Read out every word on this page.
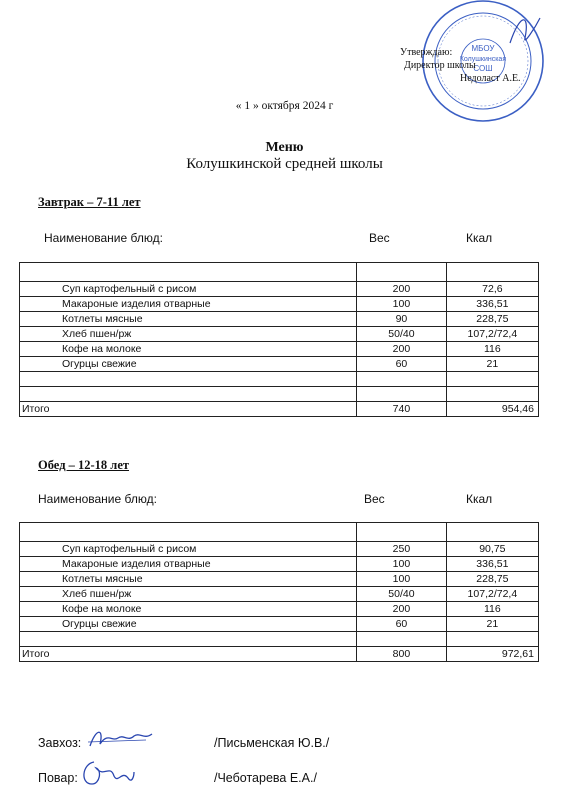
МБОУ
Колушкинская
СОШ
Утверждаю:
Директор школы
Недоласт А.Е.
« 1 » октября 2024 г
Меню
Колушкинской средней школы
Завтрак – 7-11 лет
Наименование блюд:	Вес	Ккал

Суп картофельный с рисом	200	72,6
Макароные изделия отварные	100	336,51
Котлеты мясные	90	228,75
Хлеб пшен/рж	50/40	107,2/72,4
Кофе на молоке	200	116
Огурцы свежие	60	21

Итого	740	954,46
Обед – 12-18 лет
Наименование блюд:	Вес	Ккал

Суп картофельный с рисом	250	90,75
Макароные изделия отварные	100	336,51
Котлеты мясные	100	228,75
Хлеб пшен/рж	50/40	107,2/72,4
Кофе на молоке	200	116
Огурцы свежие	60	21

Итого	800	972,61
Завхоз:	/Письменская Ю.В./
Повар:	/Чеботарева Е.А./
